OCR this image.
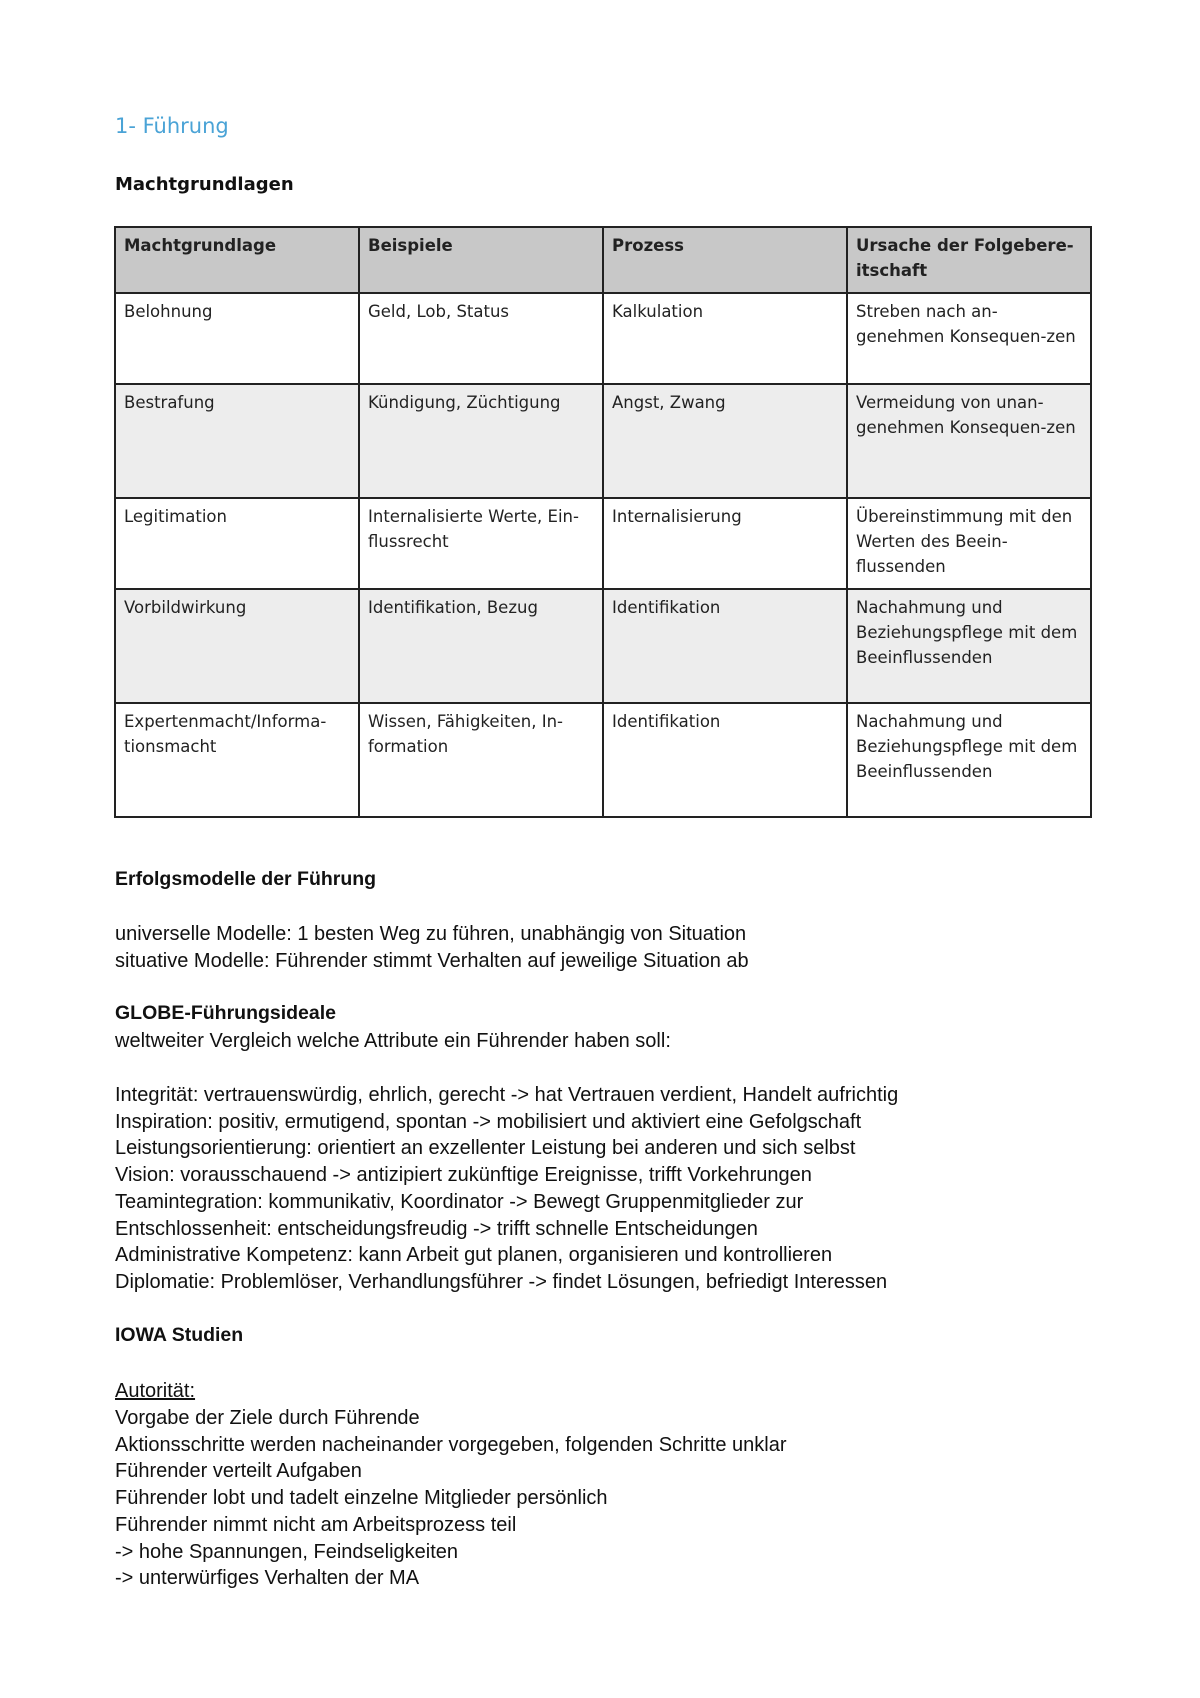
1- Führung
Machtgrundlagen
Machtgrundlage	Beispiele	Prozess	Ursache der Folgebere-itschaft
Belohnung	Geld, Lob, Status	Kalkulation	Streben nach an-genehmen Konsequen-zen
Bestrafung	Kündigung, Züchtigung	Angst, Zwang	Vermeidung von unan-genehmen Konsequen-zen
Legitimation	Internalisierte Werte, Ein-flussrecht	Internalisierung	Übereinstimmung mit den Werten des Beein-flussenden
Vorbildwirkung	Identifikation, Bezug	Identifikation	Nachahmung und Beziehungspflege mit dem Beeinflussenden
Expertenmacht/Informa-tionsmacht	Wissen, Fähigkeiten, In-formation	Identifikation	Nachahmung und Beziehungspflege mit dem Beeinflussenden
Erfolgsmodelle der Führung
universelle Modelle: 1 besten Weg zu führen, unabhängig von Situation
situative Modelle: Führender stimmt Verhalten auf jeweilige Situation ab
GLOBE-Führungsideale
weltweiter Vergleich welche Attribute ein Führender haben soll:
Integrität: vertrauenswürdig, ehrlich, gerecht -> hat Vertrauen verdient, Handelt aufrichtig
Inspiration: positiv, ermutigend, spontan -> mobilisiert und aktiviert eine Gefolgschaft
Leistungsorientierung: orientiert an exzellenter Leistung bei anderen und sich selbst
Vision: vorausschauend -> antizipiert zukünftige Ereignisse, trifft Vorkehrungen
Teamintegration: kommunikativ, Koordinator -> Bewegt Gruppenmitglieder zur
Entschlossenheit: entscheidungsfreudig -> trifft schnelle Entscheidungen
Administrative Kompetenz: kann Arbeit gut planen, organisieren und kontrollieren
Diplomatie: Problemlöser, Verhandlungsführer -> findet Lösungen, befriedigt Interessen
IOWA Studien
Autorität:
Vorgabe der Ziele durch Führende
Aktionsschritte werden nacheinander vorgegeben, folgenden Schritte unklar
Führender verteilt Aufgaben
Führender lobt und tadelt einzelne Mitglieder persönlich
Führender nimmt nicht am Arbeitsprozess teil
-> hohe Spannungen, Feindseligkeiten
-> unterwürfiges Verhalten der MA
